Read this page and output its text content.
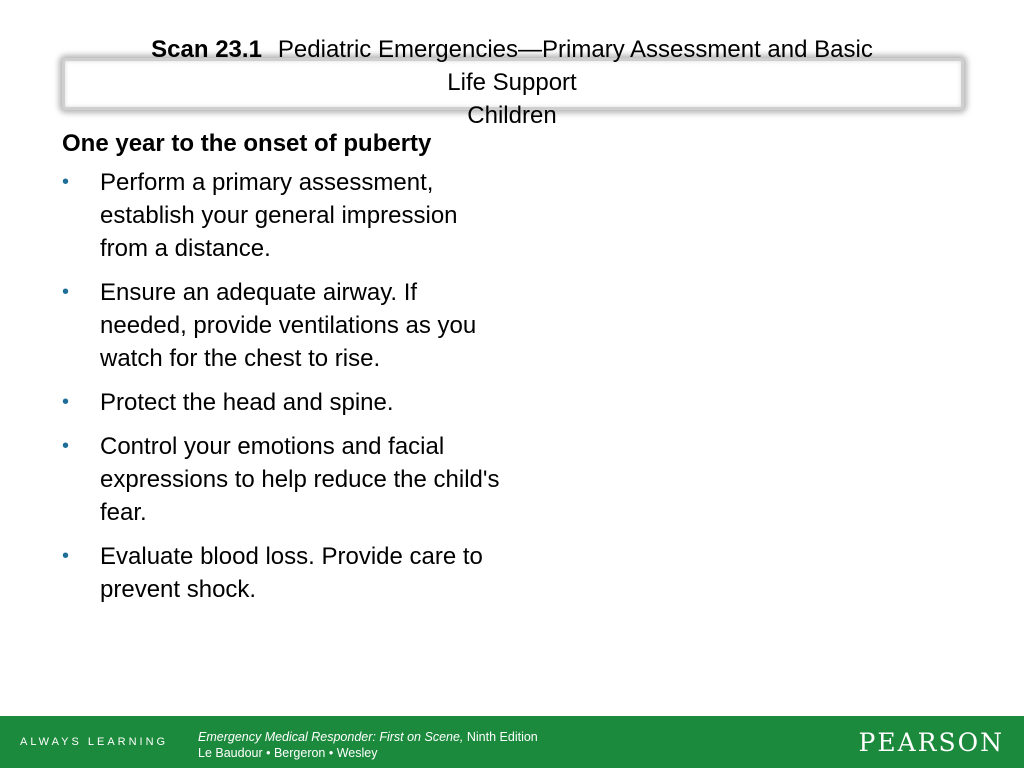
Scan 23.1 Pediatric Emergencies—Primary Assessment and Basic
Life Support
Children
One year to the onset of puberty
• Perform a primary assessment, establish your general impression from a distance.
• Ensure an adequate airway. If needed, provide ventilations as you watch for the chest to rise.
• Protect the head and spine.
• Control your emotions and facial expressions to help reduce the child's fear.
• Evaluate blood loss. Provide care to prevent shock.
ALWAYS LEARNING Emergency Medical Responder: First on Scene, Ninth Edition
Le Baudour • Bergeron • Wesley	PEARSON
